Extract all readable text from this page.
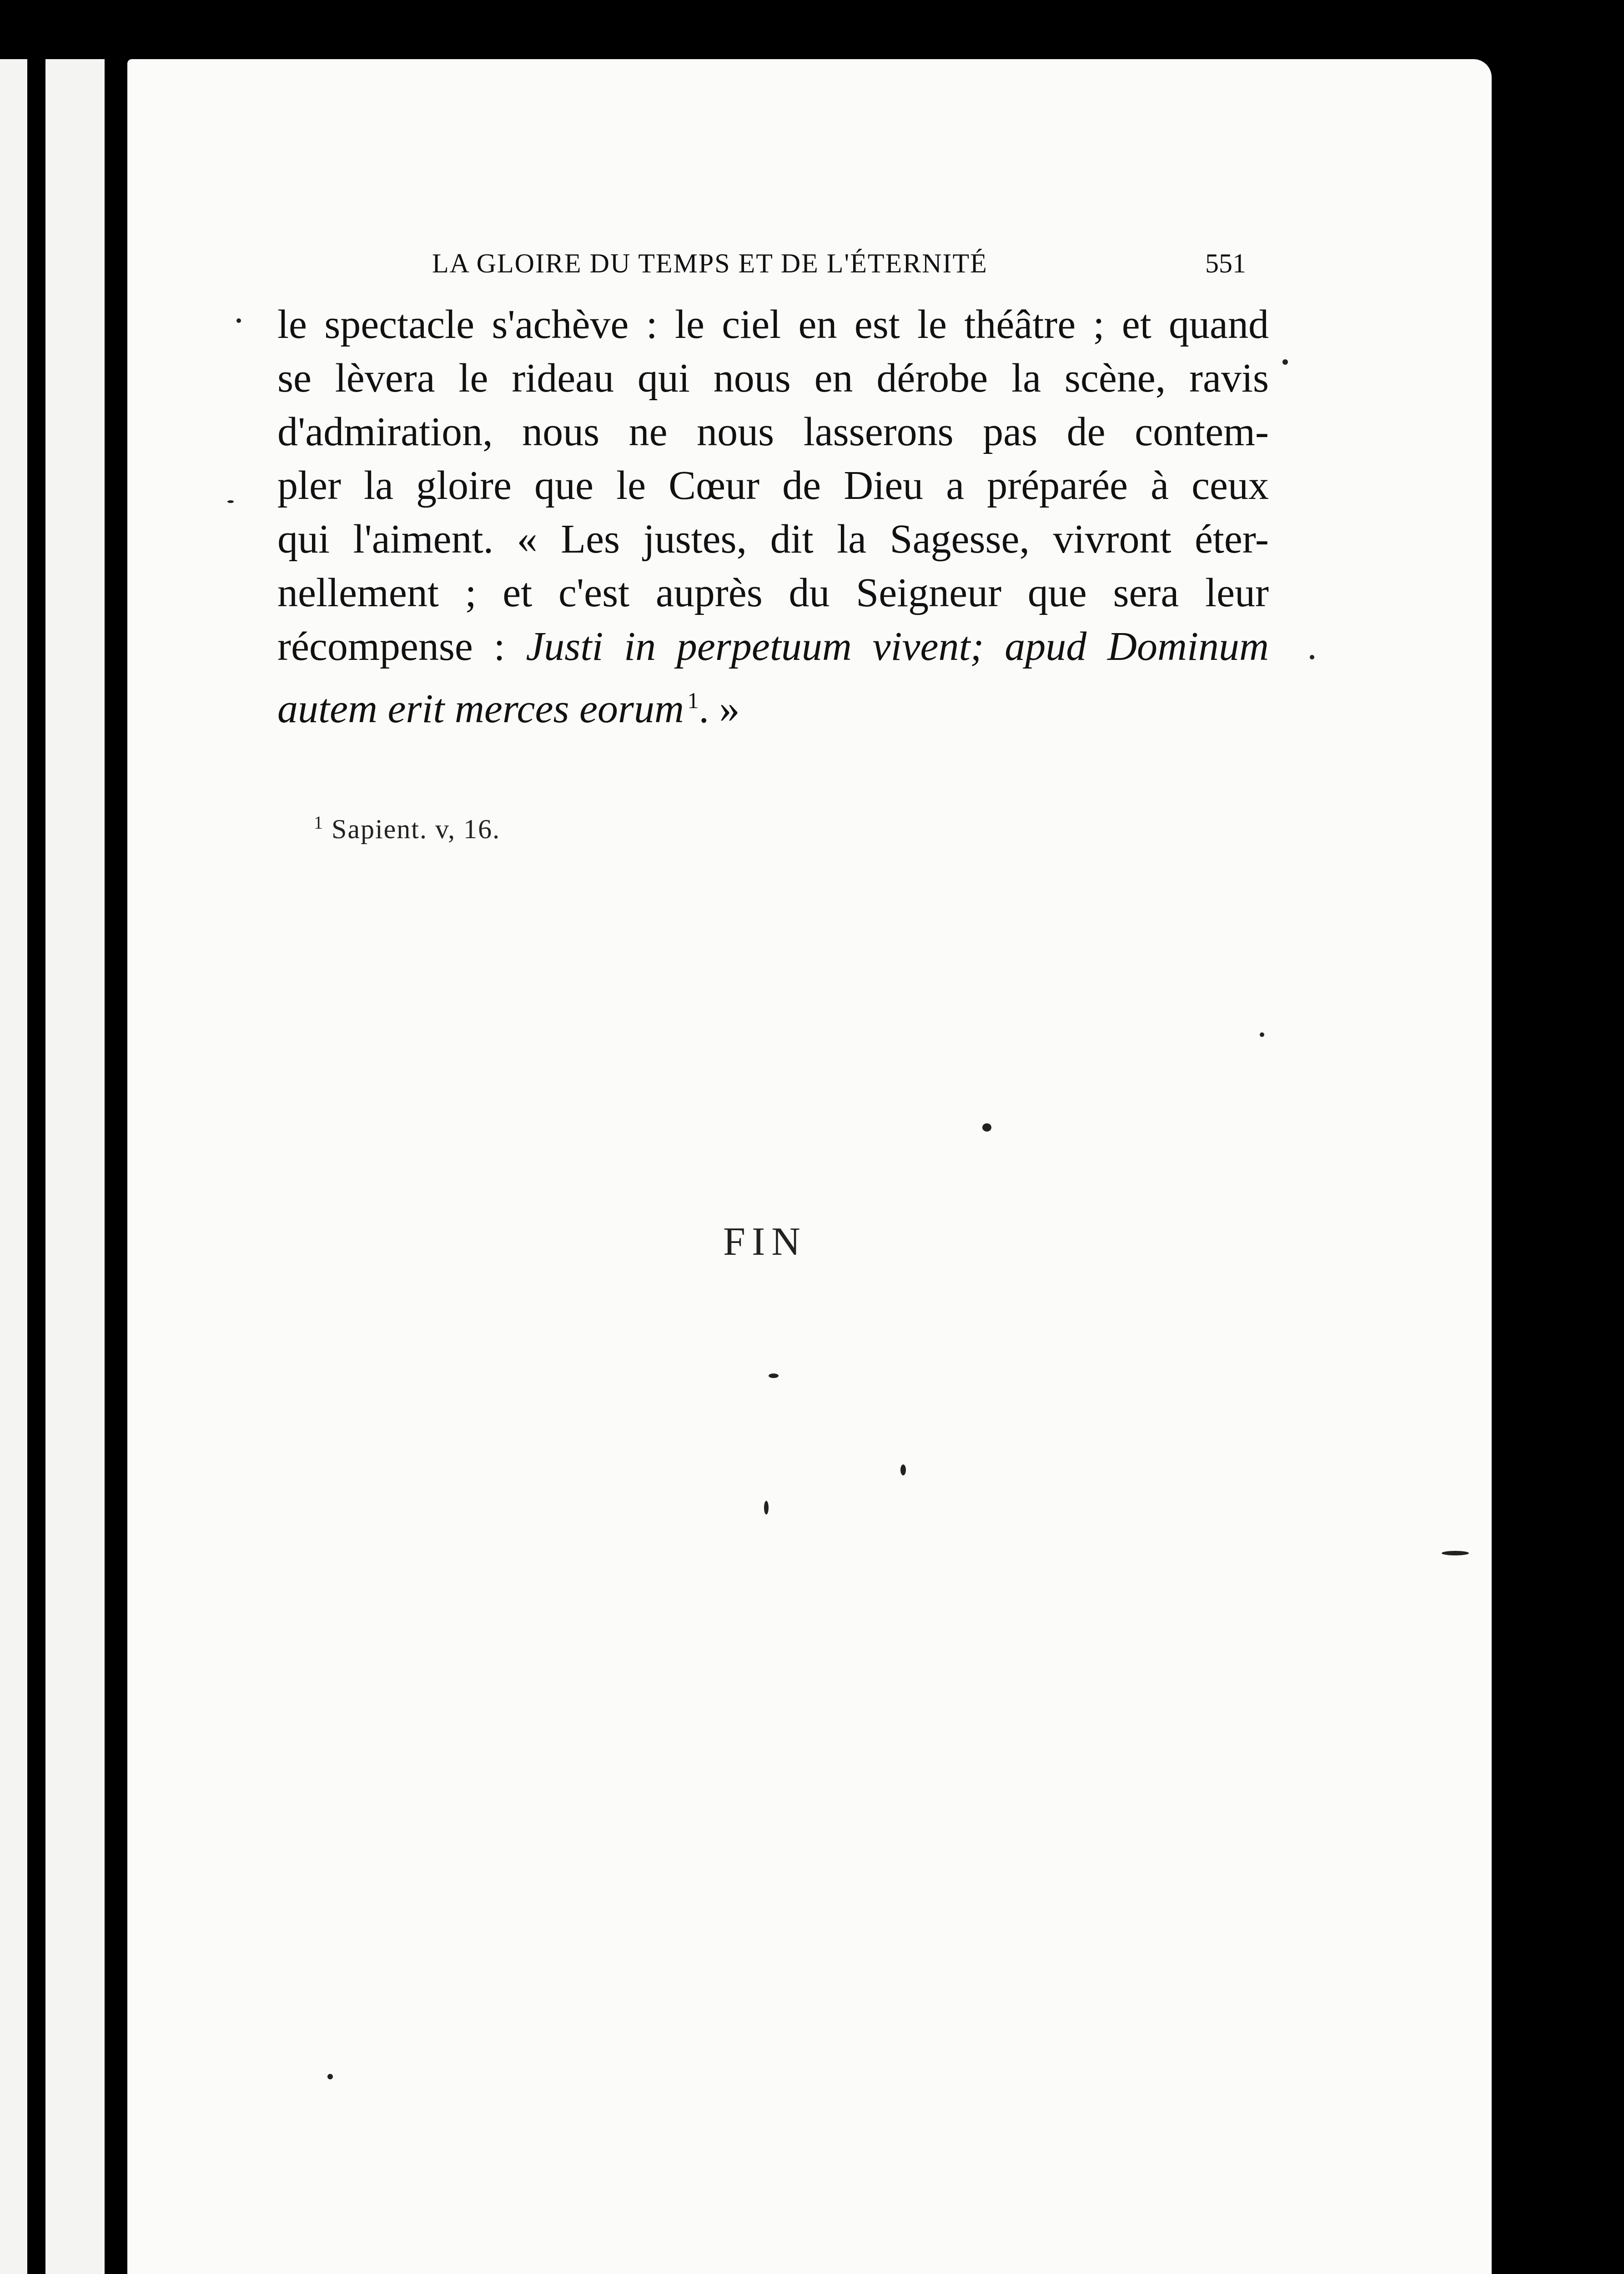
LA GLOIRE DU TEMPS ET DE L'ÉTERNITÉ	551
le spectacle s'achève : le ciel en est le théâtre ; et quand
se lèvera le rideau qui nous en dérobe la scène, ravis
d'admiration, nous ne nous lasserons pas de contem-
pler la gloire que le Cœur de Dieu a préparée à ceux
qui l'aiment. « Les justes, dit la Sagesse, vivront éter-
nellement ; et c'est auprès du Seigneur que sera leur
récompense : Justi in perpetuum vivent; apud Dominum
autem erit merces eorum  $^1$. »
$^1$ Sapient. v, 16.
FIN
